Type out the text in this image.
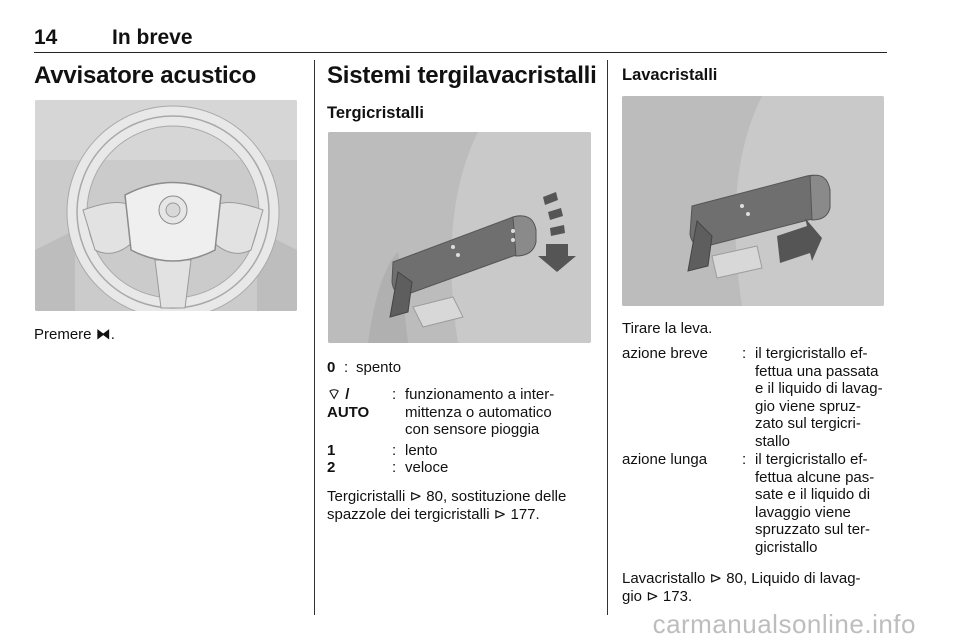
14	In breve
Avvisatore acustico
Premere ⧓.
Sistemi tergilavacristalli
Tergicristalli
0 : spento
⌔ /
AUTO
: funzionamento a inter-
mittenza o automatico
con sensore pioggia
1	: lento
2	: veloce
Tergicristalli ⊳ 80, sostituzione delle
spazzole dei tergicristalli ⊳ 177.
Lavacristalli
Tirare la leva.
azione breve : il tergicristallo ef-
fettua una passata
e il liquido di lavag-
gio viene spruz-
zato sul tergicri-
stallo
azione lunga : il tergicristallo ef-
fettua alcune pas-
sate e il liquido di
lavaggio viene
spruzzato sul ter-
gicristallo
Lavacristallo ⊳ 80, Liquido di lavag-
gio ⊳ 173.
carmanualsonline.info
